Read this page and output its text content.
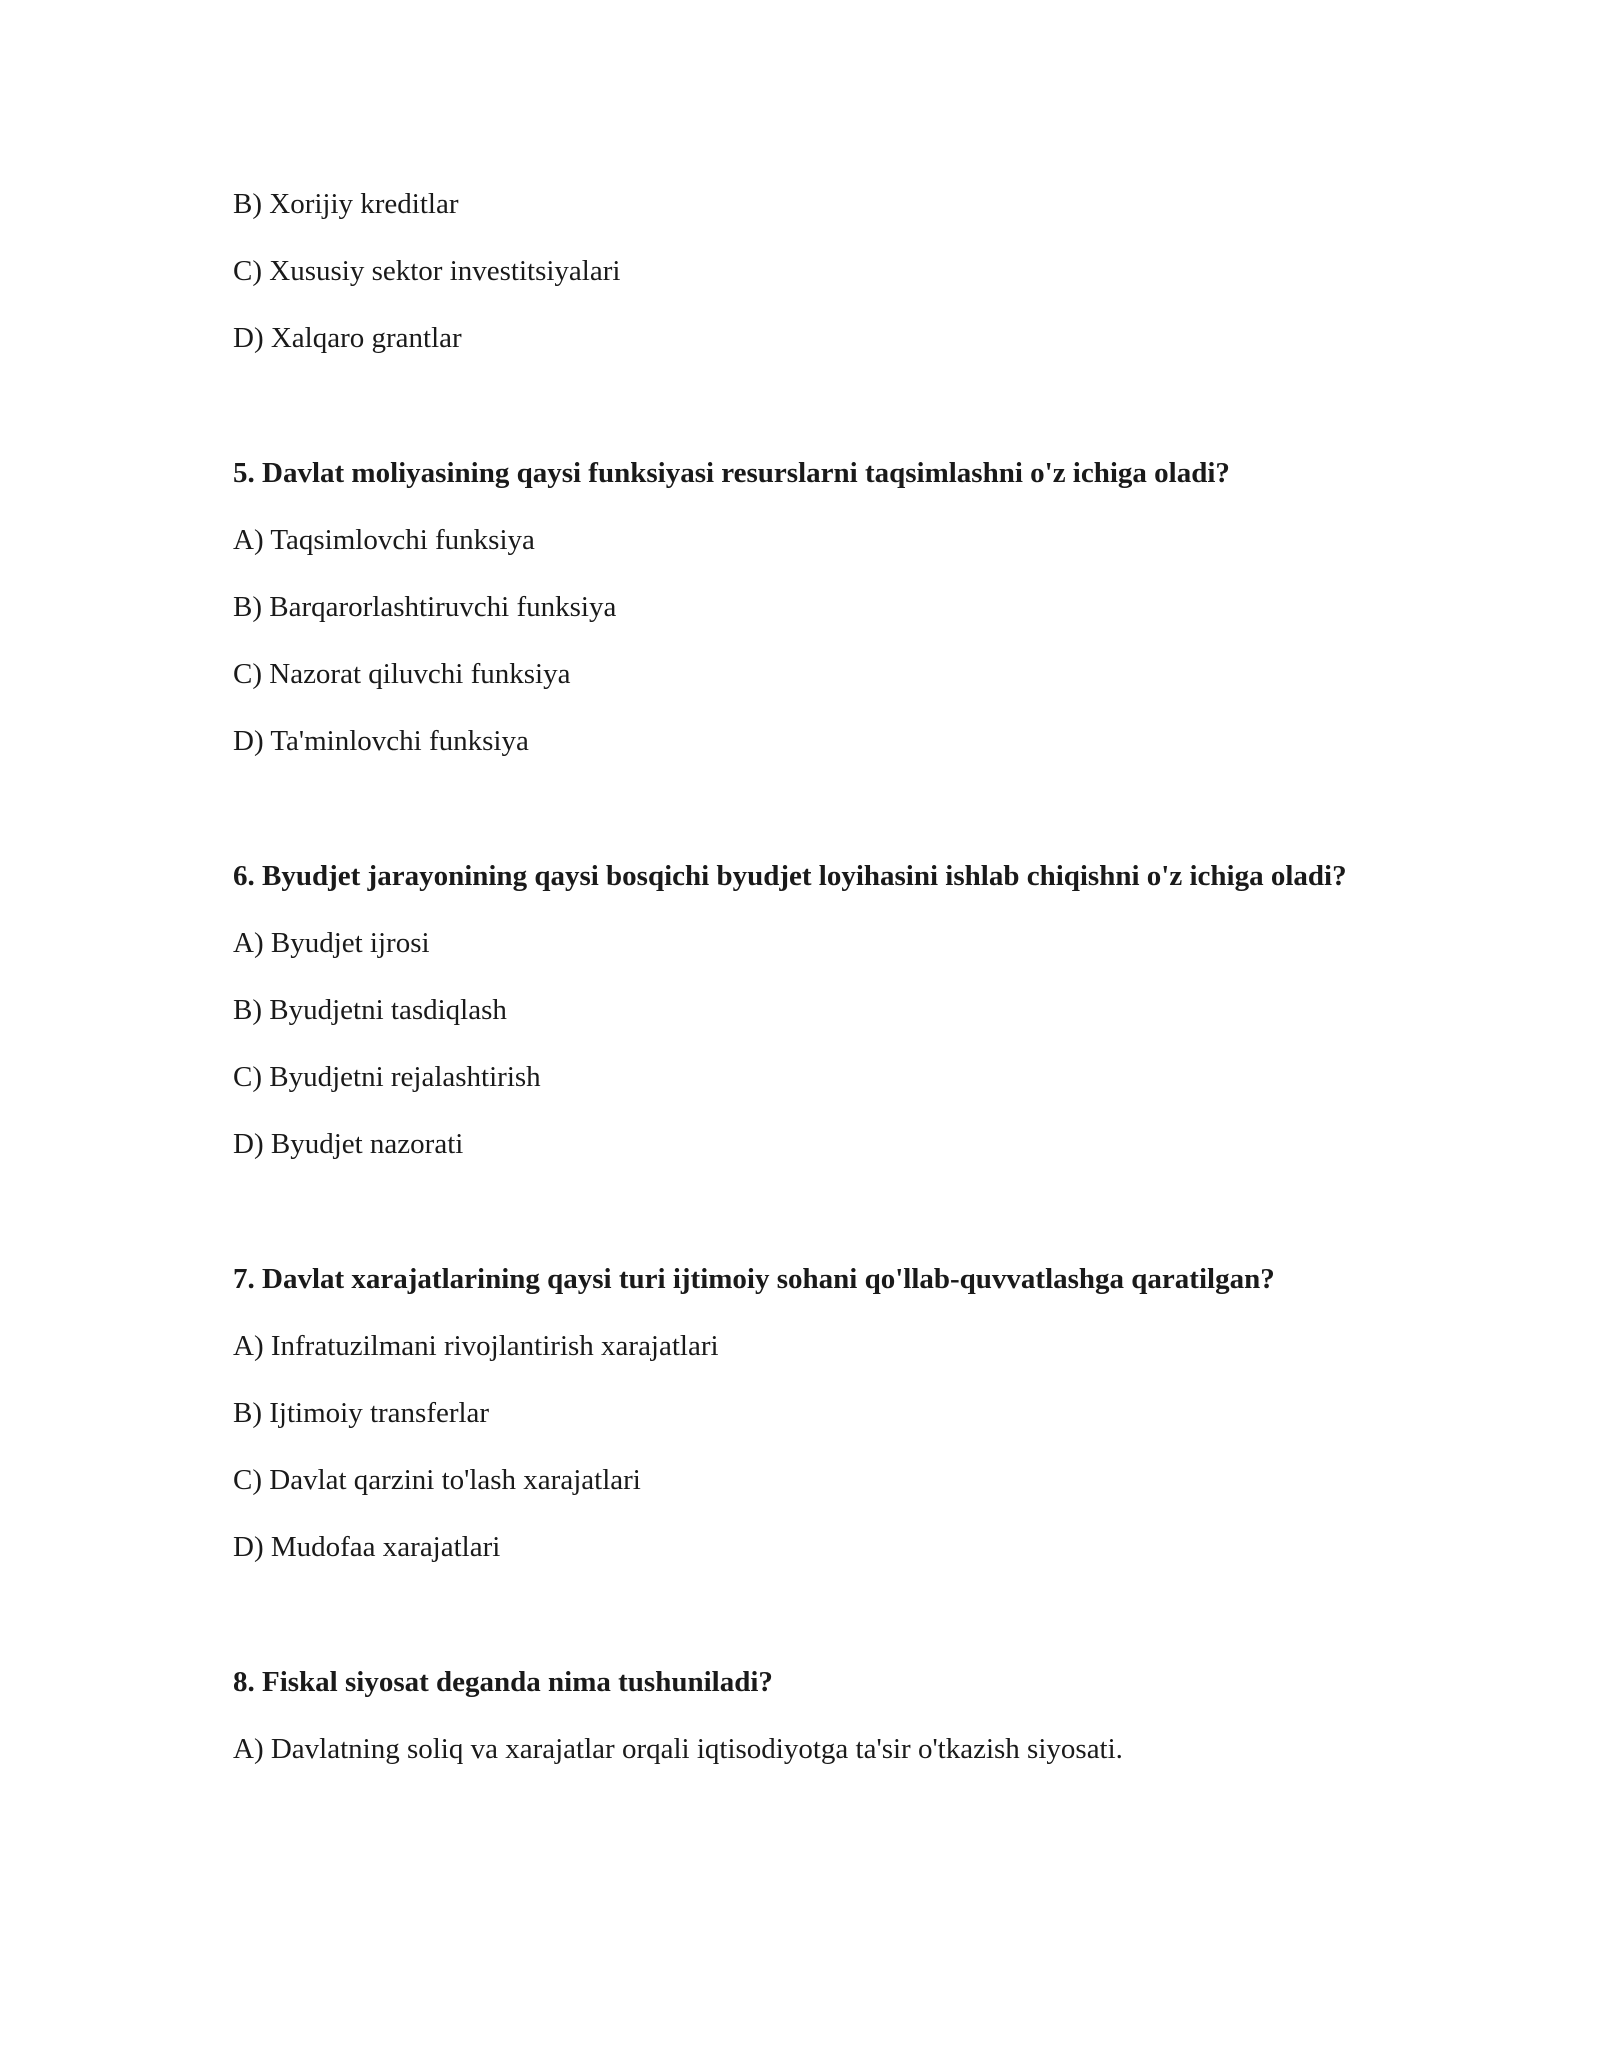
B) Xorijiy kreditlar

C) Xususiy sektor investitsiyalari

D) Xalqaro grantlar

5. Davlat moliyasining qaysi funksiyasi resurslarni taqsimlashni o'z ichiga oladi?

A) Taqsimlovchi funksiya

B) Barqarorlashtiruvchi funksiya

C) Nazorat qiluvchi funksiya

D) Ta'minlovchi funksiya

6. Byudjet jarayonining qaysi bosqichi byudjet loyihasini ishlab chiqishni o'z ichiga oladi?

A) Byudjet ijrosi

B) Byudjetni tasdiqlash

C) Byudjetni rejalashtirish

D) Byudjet nazorati

7. Davlat xarajatlarining qaysi turi ijtimoiy sohani qo'llab-quvvatlashga qaratilgan?

A) Infratuzilmani rivojlantirish xarajatlari

B) Ijtimoiy transferlar

C) Davlat qarzini to'lash xarajatlari

D) Mudofaa xarajatlari

8. Fiskal siyosat deganda nima tushuniladi?

A) Davlatning soliq va xarajatlar orqali iqtisodiyotga ta'sir o'tkazish siyosati.
